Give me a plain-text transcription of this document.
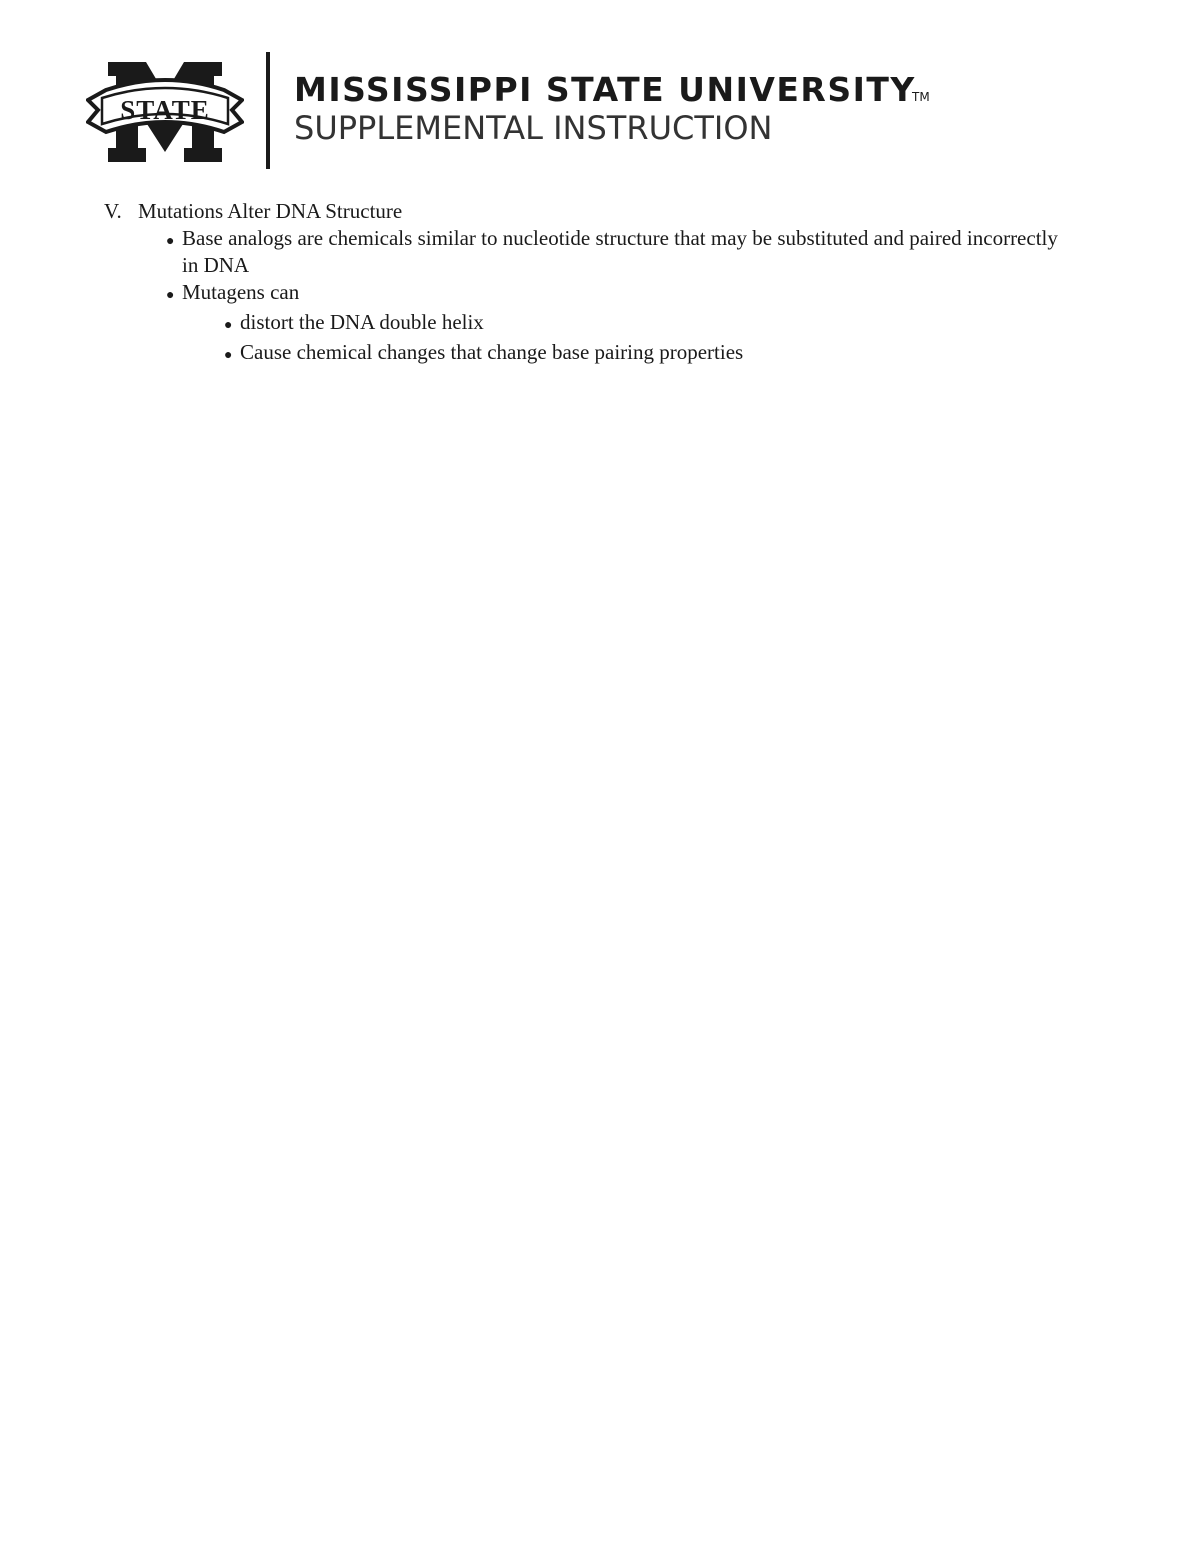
STATE
MISSISSIPPI STATE UNIVERSITY
TM
SUPPLEMENTAL INSTRUCTION
V. Mutations Alter DNA Structure
● Base analogs are chemicals similar to nucleotide structure that may be substituted and paired incorrectly in DNA
● Mutagens can
● distort the DNA double helix
● Cause chemical changes that change base pairing properties
